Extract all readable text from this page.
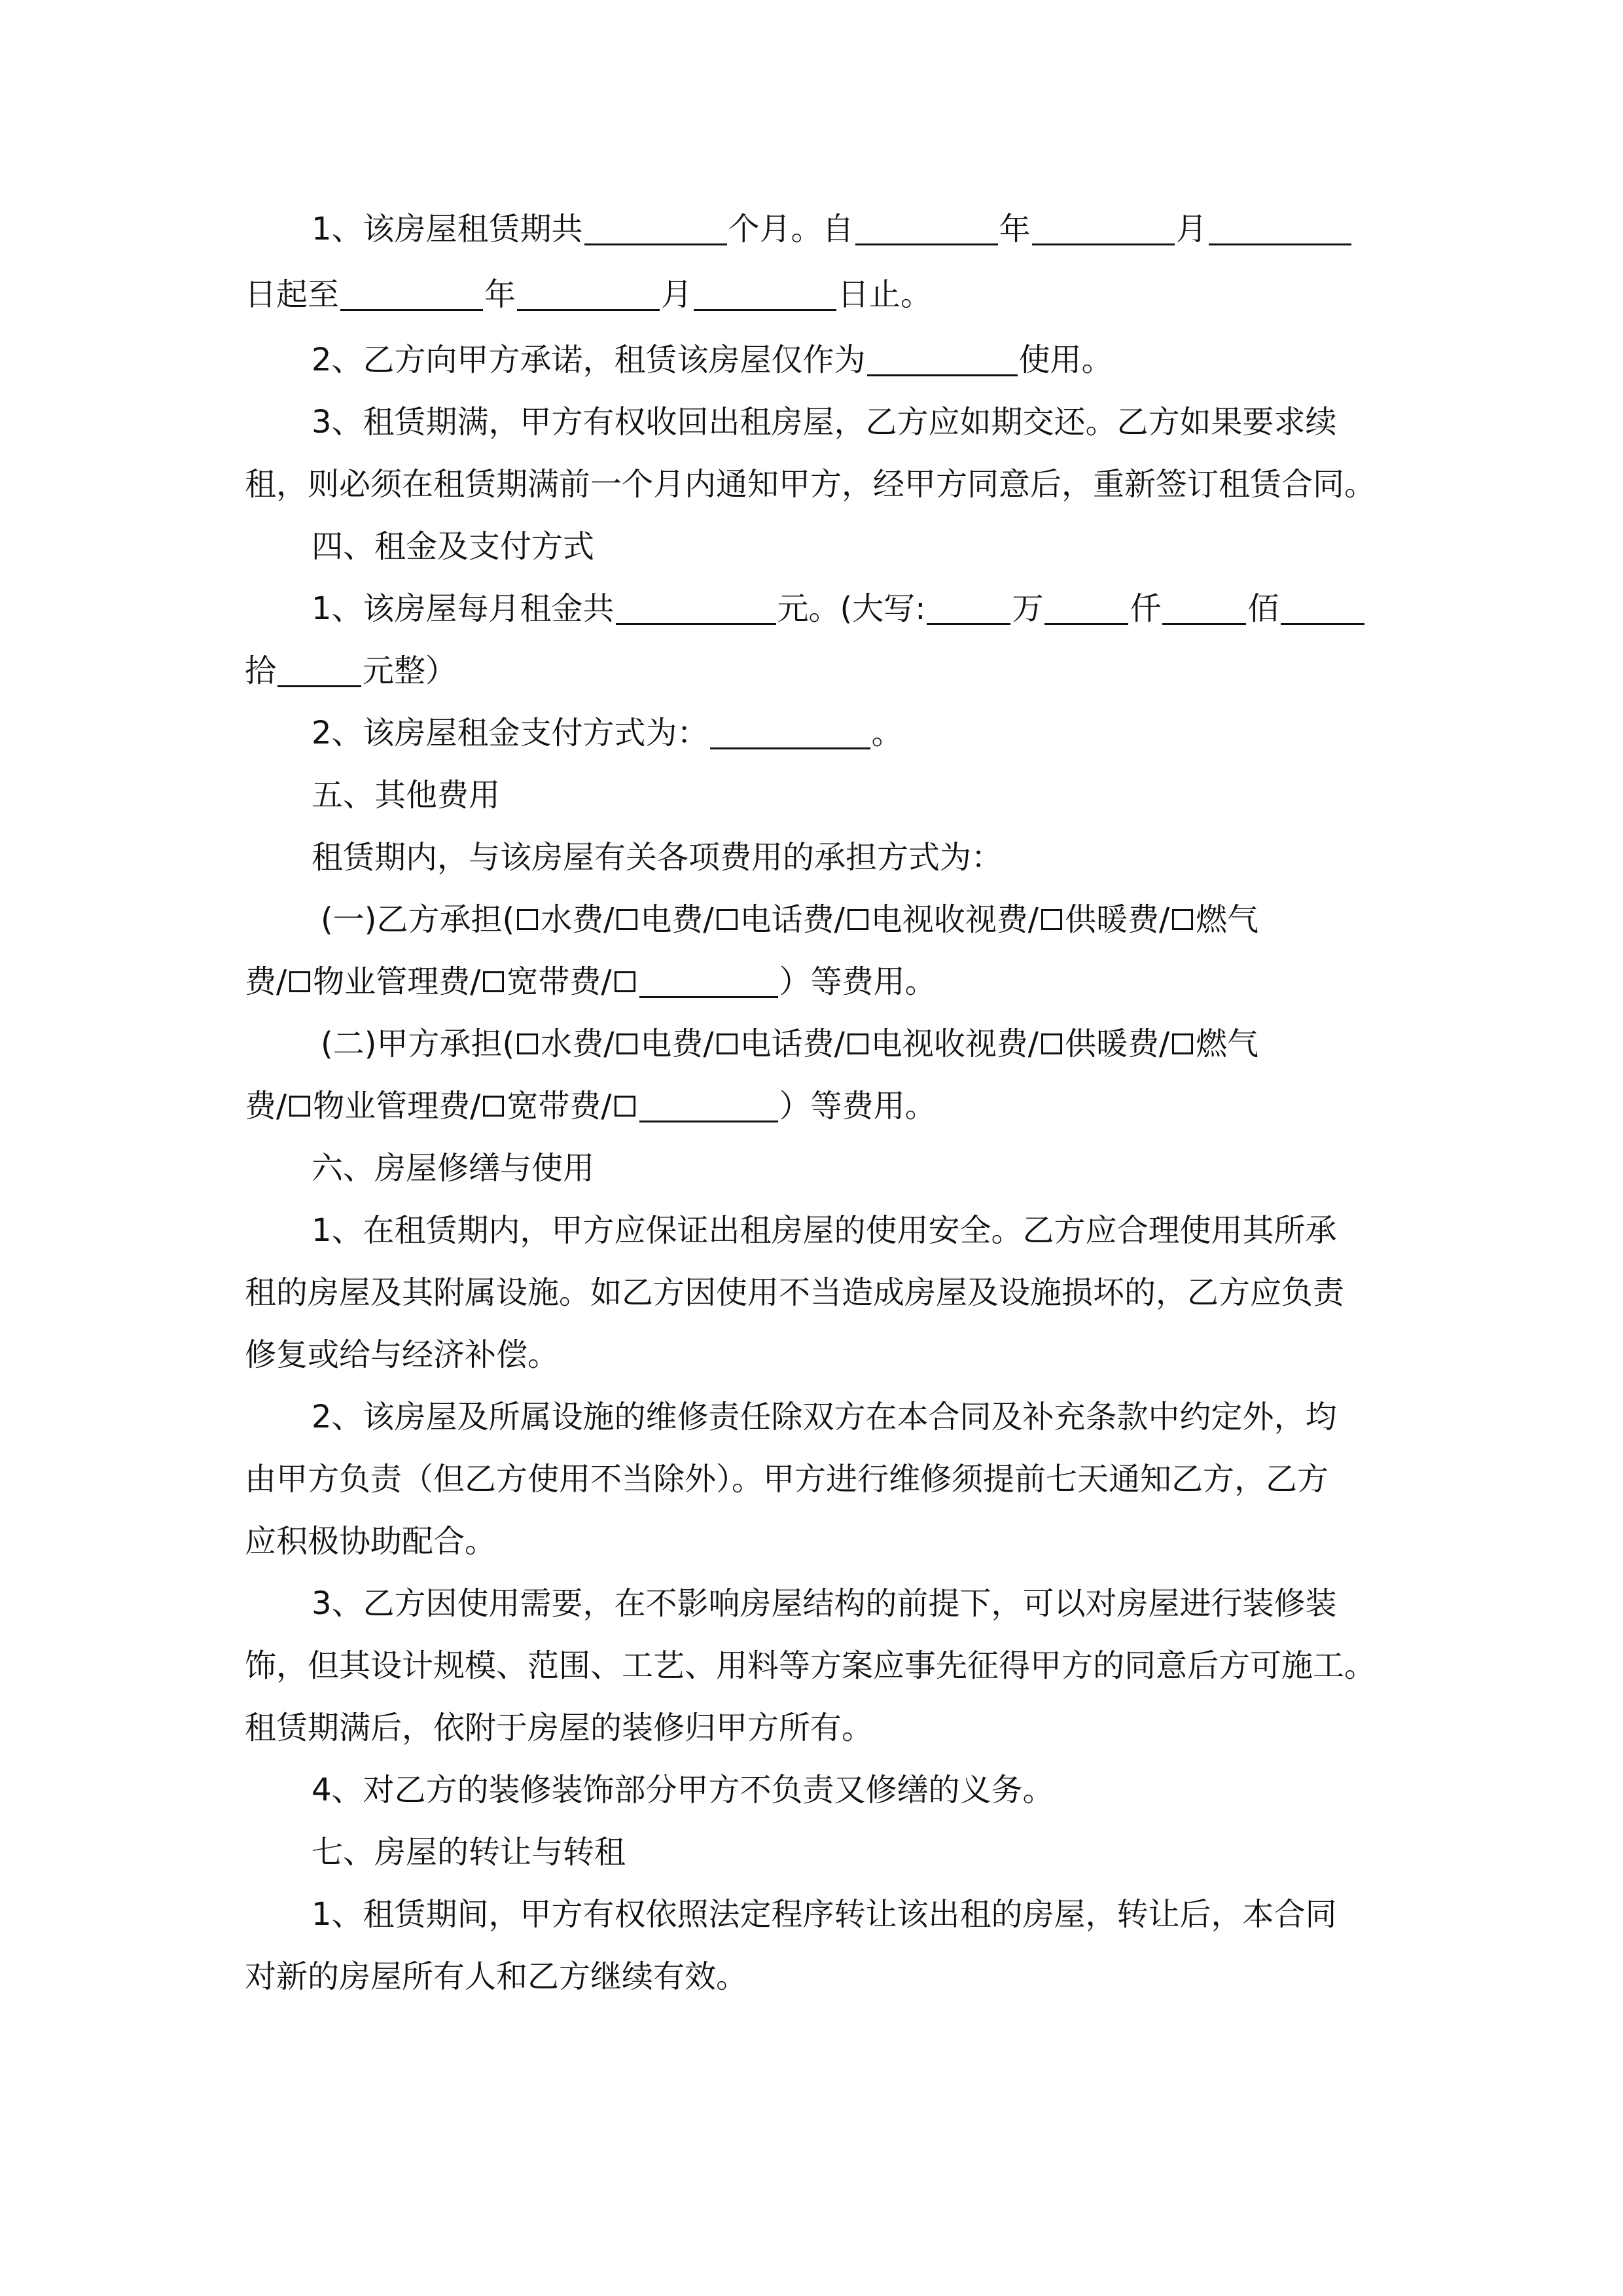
1、该房屋租赁期共	个月。自	年	月
日起至	年	月	日止。
2、乙方向甲方承诺，租赁该房屋仅作为	使用。
3、租赁期满，甲方有权收回出租房屋，乙方应如期交还。乙方如果要求续
租，则必须在租赁期满前一个月内通知甲方，经甲方同意后，重新签订租赁合同。
四、租金及支付方式
1、该房屋每月租金共	元。(大写:	万	仟	佰
拾	元整）
2、该房屋租金支付方式为：	。
五、其他费用
租赁期内，与该房屋有关各项费用的承担方式为：
(一)乙方承担( 水费/ 电费/ 电话费/ 电视收视费/ 供暖费/ 燃气
费/ 物业管理费/ 宽带费/	）等费用。
(二)甲方承担( 水费/ 电费/ 电话费/ 电视收视费/ 供暖费/ 燃气
费/ 物业管理费/ 宽带费/	）等费用。
六、房屋修缮与使用
1、在租赁期内，甲方应保证出租房屋的使用安全。乙方应合理使用其所承
租的房屋及其附属设施。如乙方因使用不当造成房屋及设施损坏的，乙方应负责
修复或给与经济补偿。
2、该房屋及所属设施的维修责任除双方在本合同及补充条款中约定外，均
由甲方负责（但乙方使用不当除外）。甲方进行维修须提前七天通知乙方，乙方
应积极协助配合。
3、乙方因使用需要，在不影响房屋结构的前提下，可以对房屋进行装修装
饰，但其设计规模、范围、工艺、用料等方案应事先征得甲方的同意后方可施工。
租赁期满后，依附于房屋的装修归甲方所有。
4、对乙方的装修装饰部分甲方不负责又修缮的义务。
七、房屋的转让与转租
1、租赁期间，甲方有权依照法定程序转让该出租的房屋，转让后，本合同
对新的房屋所有人和乙方继续有效。
